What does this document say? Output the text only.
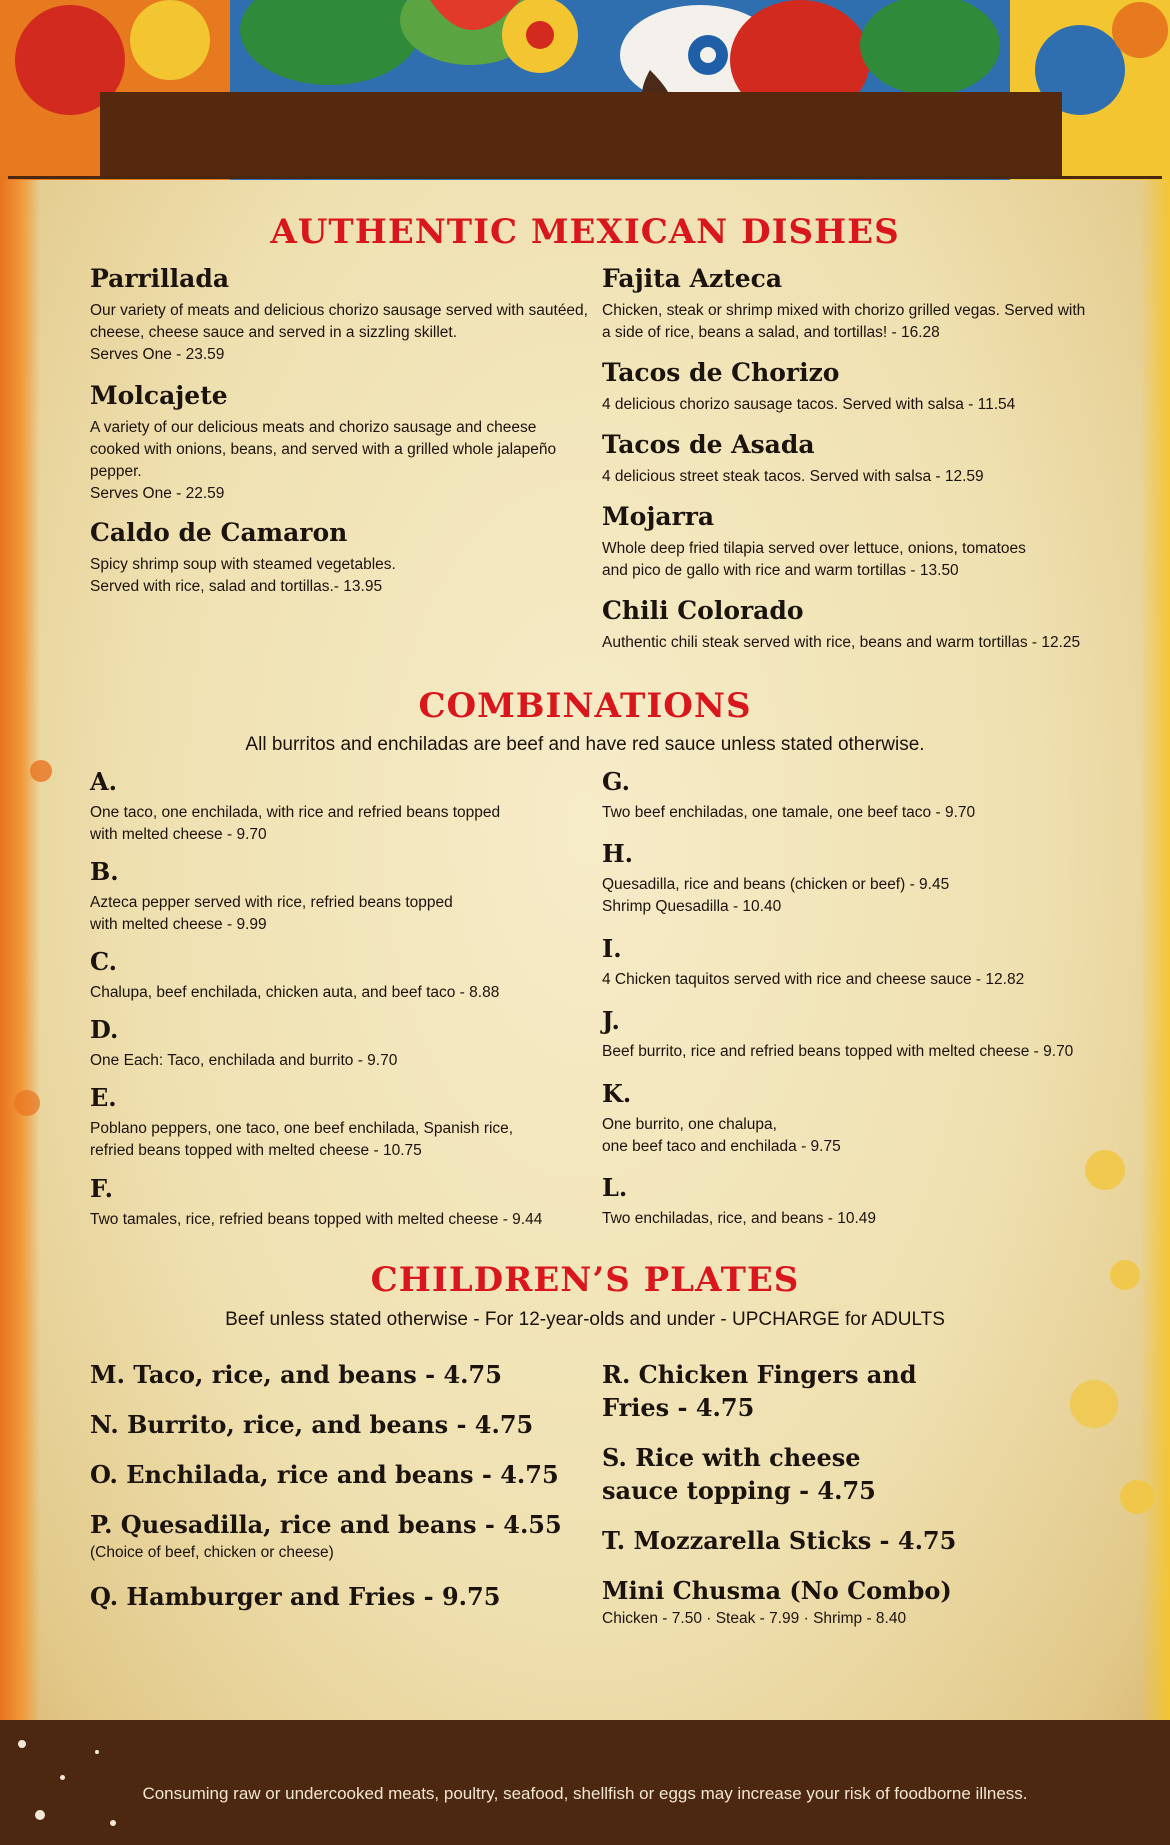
AUTHENTIC MEXICAN DISHES
Parrillada

Our variety of meats and delicious chorizo sausage served with sautéed,
cheese, cheese sauce and served in a sizzling skillet.
Serves One - 23.59

Molcajete

A variety of our delicious meats and chorizo sausage and cheese
cooked with onions, beans, and served with a grilled whole jalapeño
pepper.
Serves One - 22.59

Caldo de Camaron

Spicy shrimp soup with steamed vegetables.
Served with rice, salad and tortillas.- 13.95

Fajita Azteca

Chicken, steak or shrimp mixed with chorizo grilled vegas. Served with
a side of rice, beans a salad, and tortillas! - 16.28

Tacos de Chorizo

4 delicious chorizo sausage tacos. Served with salsa - 11.54

Tacos de Asada

4 delicious street steak tacos. Served with salsa - 12.59

Mojarra

Whole deep fried tilapia served over lettuce, onions, tomatoes
and pico de gallo with rice and warm tortillas - 13.50

Chili Colorado

Authentic chili steak served with rice, beans and warm tortillas - 12.25

COMBINATIONS

All burritos and enchiladas are beef and have red sauce unless stated otherwise.

A.

One taco, one enchilada, with rice and refried beans topped
with melted cheese - 9.70

B.

Azteca pepper served with rice, refried beans topped
with melted cheese - 9.99

C.

Chalupa, beef enchilada, chicken auta, and beef taco - 8.88

D.

One Each: Taco, enchilada and burrito - 9.70

E.

Poblano peppers, one taco, one beef enchilada, Spanish rice,
refried beans topped with melted cheese - 10.75

F.

Two tamales, rice, refried beans topped with melted cheese - 9.44

G.

Two beef enchiladas, one tamale, one beef taco - 9.70

H.

Quesadilla, rice and beans (chicken or beef) - 9.45
Shrimp Quesadilla - 10.40

I.

4 Chicken taquitos served with rice and cheese sauce - 12.82

J.

Beef burrito, rice and refried beans topped with melted cheese - 9.70

K.

One burrito, one chalupa,
one beef taco and enchilada - 9.75

L.

Two enchiladas, rice, and beans - 10.49

CHILDREN’S PLATES

Beef unless stated otherwise - For 12-year-olds and under - UPCHARGE for ADULTS

M. Taco, rice, and beans - 4.75
N. Burrito, rice, and beans - 4.75
O. Enchilada, rice and beans - 4.75
P. Quesadilla, rice and beans - 4.55
(Choice of beef, chicken or cheese)
Q. Hamburger and Fries - 9.75
R. Chicken Fingers and
Fries - 4.75
S. Rice with cheese
sauce topping - 4.75
T. Mozzarella Sticks - 4.75
Mini Chusma (No Combo)
Chicken - 7.50 · Steak - 7.99 · Shrimp - 8.40

Consuming raw or undercooked meats, poultry, seafood, shellfish or eggs may increase your risk of foodborne illness.
